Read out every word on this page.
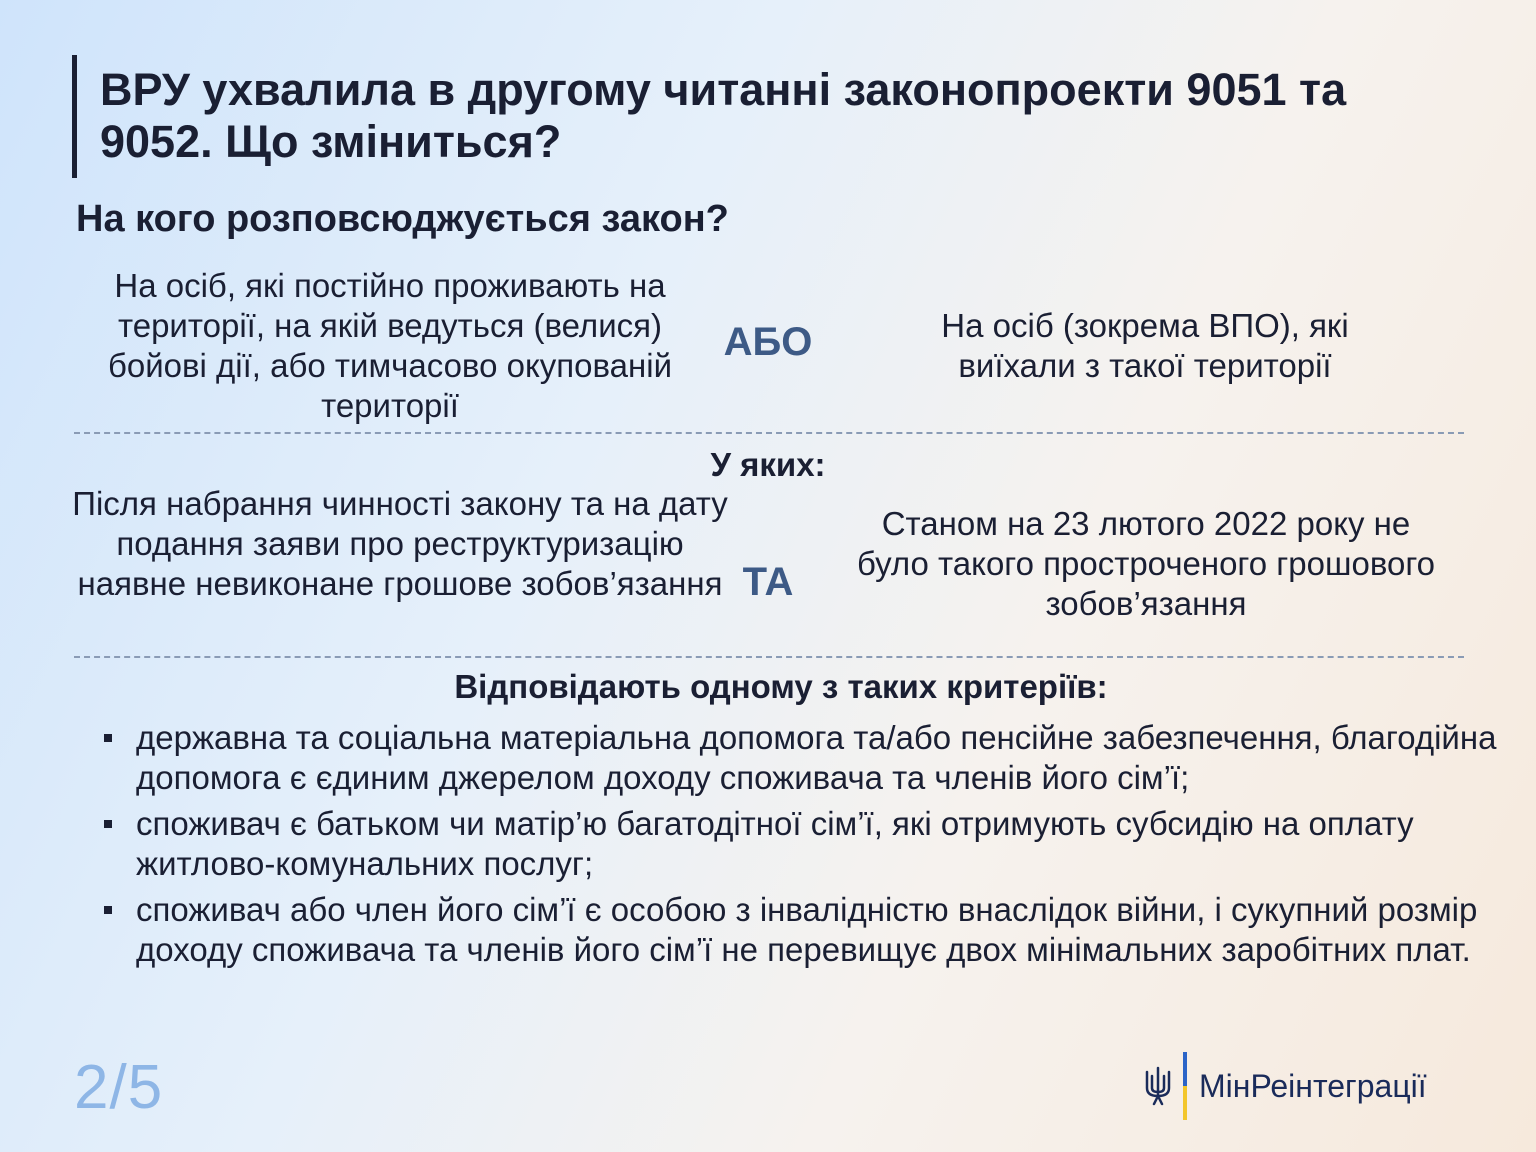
ВРУ ухвалила в другому читанні законопроекти 9051 та 9052. Що зміниться?
На кого розповсюджується закон?
На осіб, які постійно проживають на території, на якій ведуться (велися) бойові дії, або тимчасово окупованій території
АБО	На осіб (зокрема ВПО), які виїхали з такої території
У яких:
Після набрання чинності закону та на дату подання заяви про реструктуризацію наявне невиконане грошове зобов’язання ТА
Станом на 23 лютого 2022 року не було такого простроченого грошового зобов’язання
Відповідають одному з таких критеріїв:
державна та соціальна матеріальна допомога та/або пенсійне забезпечення, благодійна допомога є єдиним джерелом доходу споживача та членів його сім’ї;
споживач є батьком чи матір’ю багатодітної сім’ї, які отримують субсидію на оплату житлово-комунальних послуг;
споживач або член його сім’ї є особою з інвалідністю внаслідок війни, і сукупний розмір доходу споживача та членів його сім’ї не перевищує двох мінімальних заробітних плат.
2/5	МінРеінтеграції
